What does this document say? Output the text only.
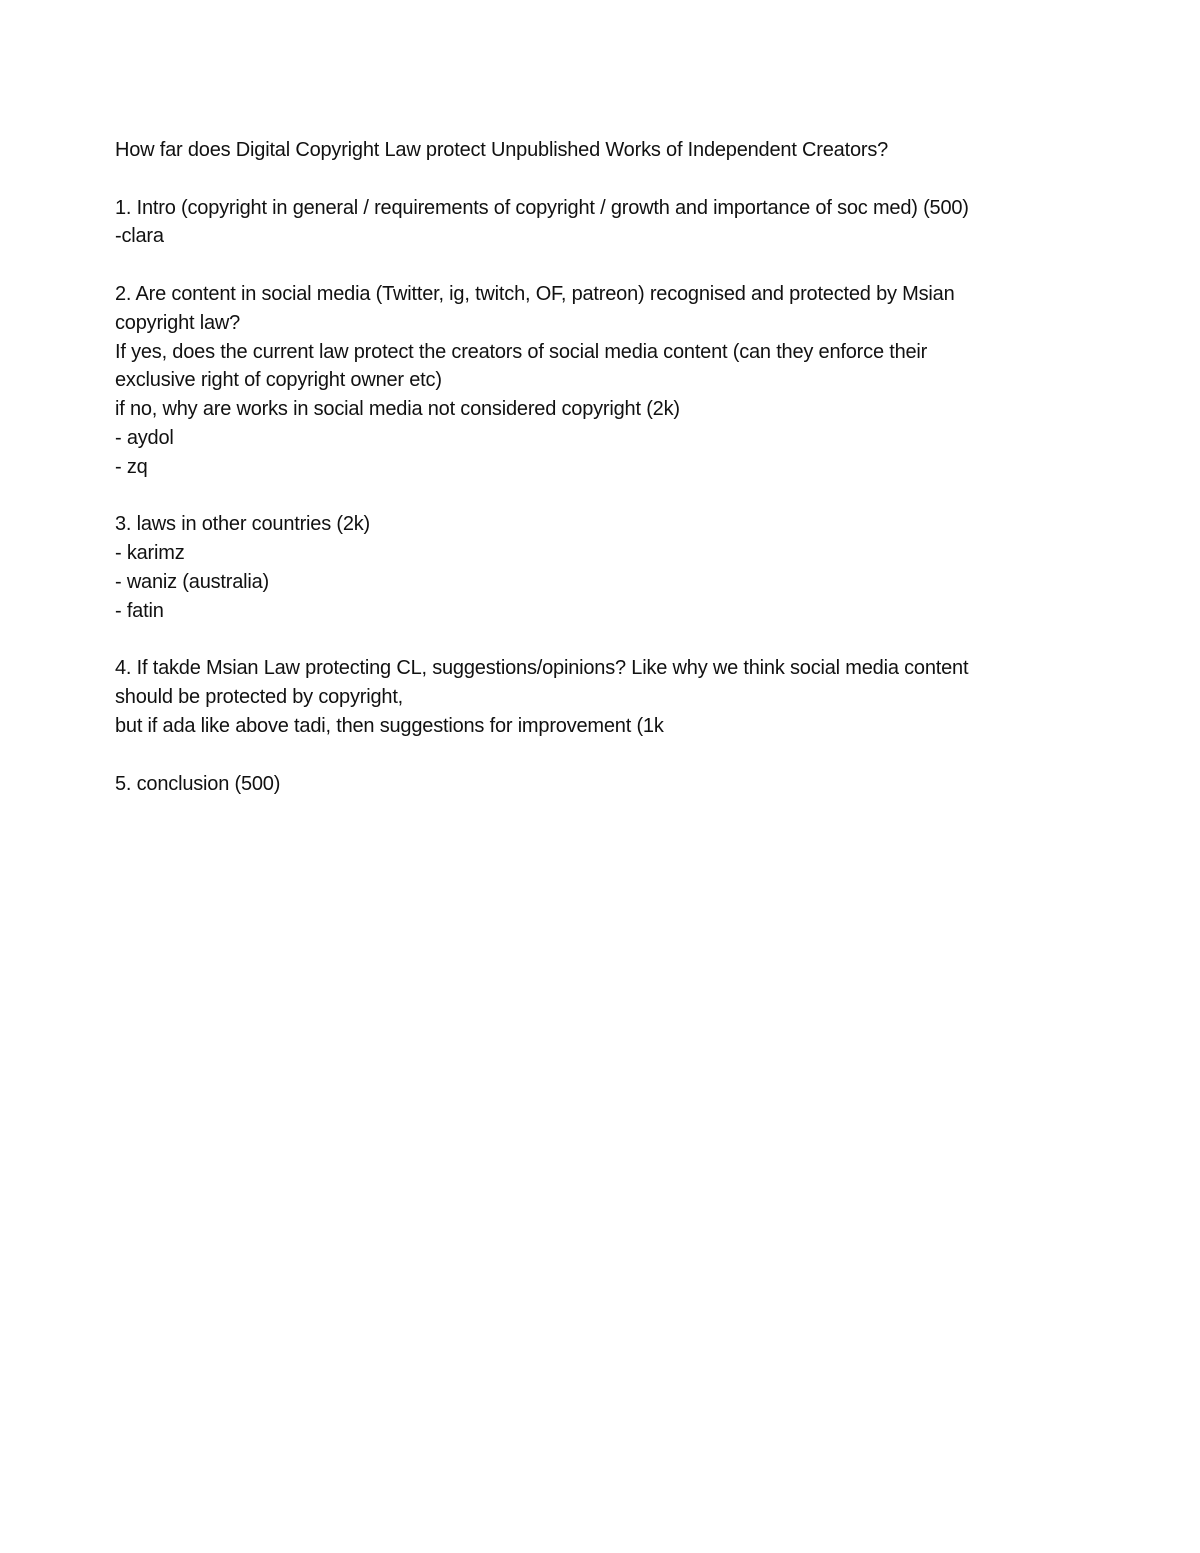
How far does Digital Copyright Law protect Unpublished Works of Independent Creators?
1. Intro (copyright in general / requirements of copyright / growth and importance of soc med) (500)
-clara
2. Are content in social media (Twitter, ig, twitch, OF, patreon) recognised and protected by Msian
copyright law?
If yes, does the current law protect the creators of social media content (can they enforce their
exclusive right of copyright owner etc)
if no, why are works in social media not considered copyright (2k)
- aydol
- zq
3. laws in other countries (2k)
- karimz
- waniz (australia)
- fatin
4. If takde Msian Law protecting CL, suggestions/opinions? Like why we think social media content
should be protected by copyright,
but if ada like above tadi, then suggestions for improvement (1k
5. conclusion (500)
